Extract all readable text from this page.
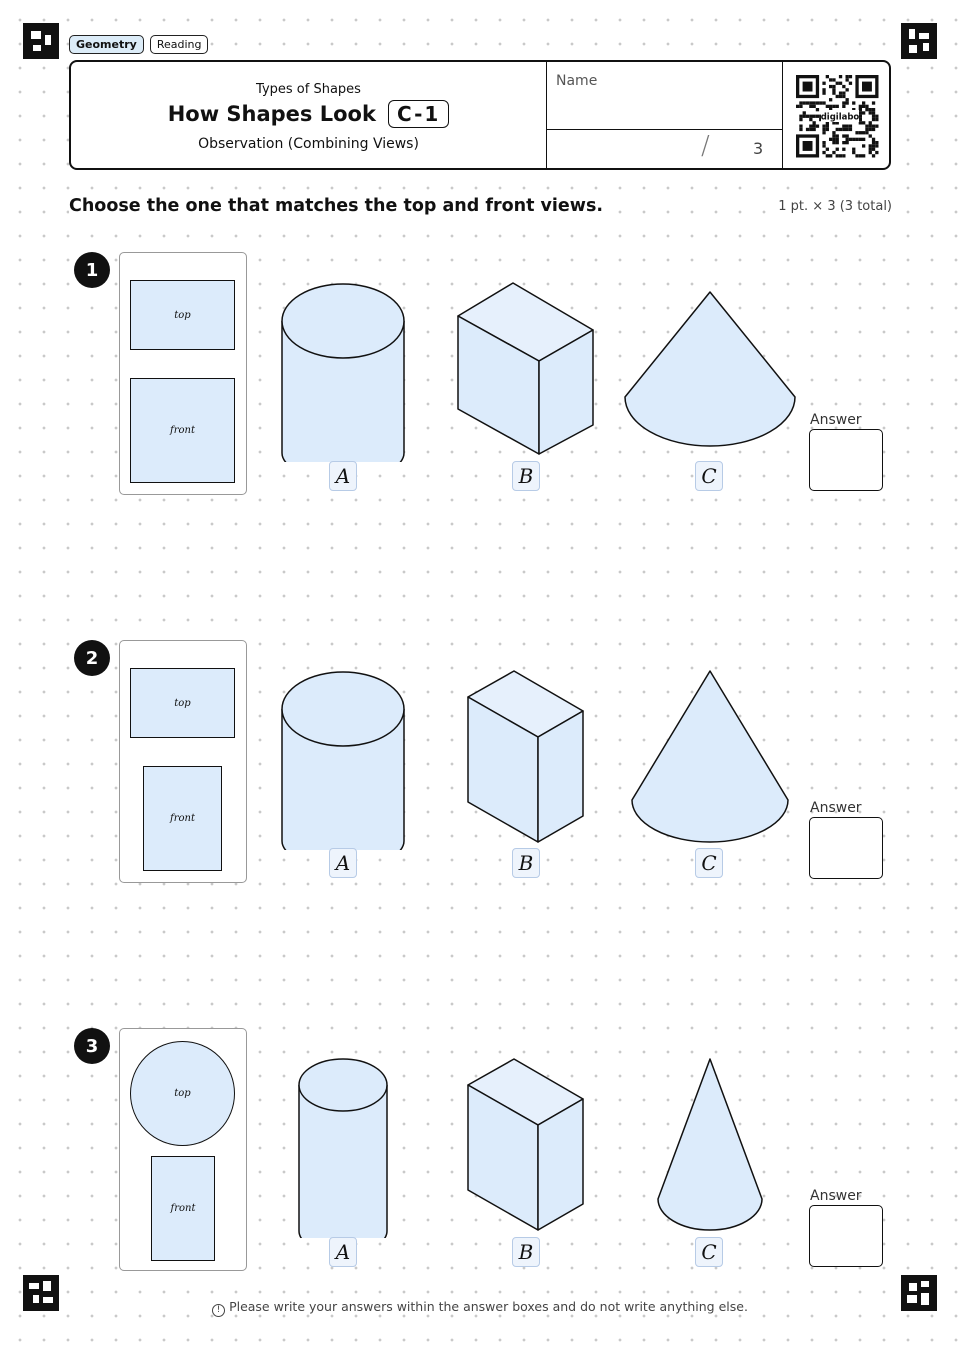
Geometry	Reading
Types of Shapes
How Shapes Look	C-1
Observation (Combining Views)
Name
/	3
digilabo
Choose the one that matches the top and front views.	1 pt. × 3 (3 total)
1
top
front
A	B	C
Answer
2
top
front
A	B	C
Answer
3
top
front
A	B	C
Answer
! Please write your answers within the answer boxes and do not write anything else.
